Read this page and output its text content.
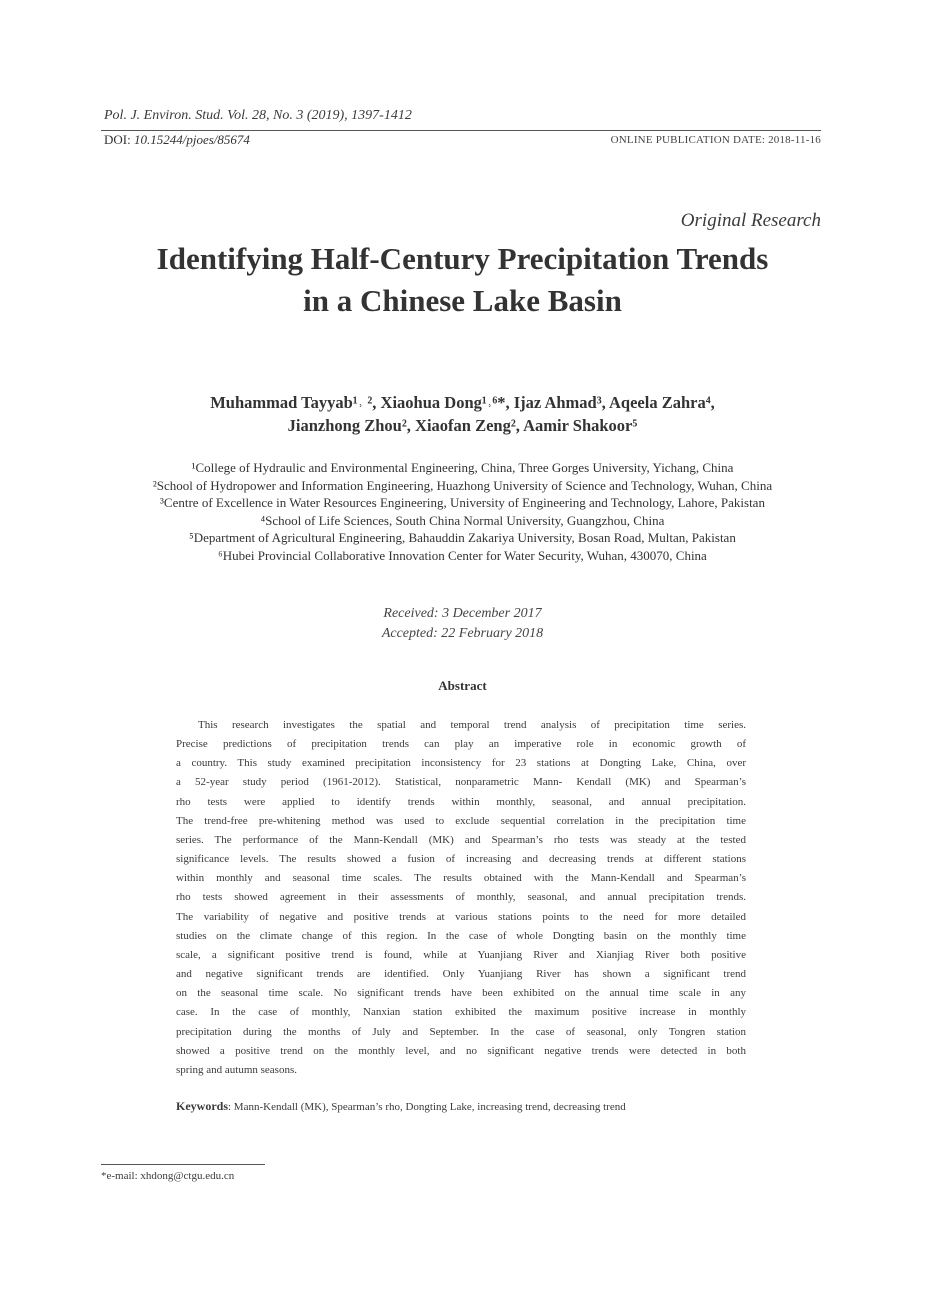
Pol. J. Environ. Stud. Vol. 28, No. 3 (2019), 1397-1412
DOI: 10.15244/pjoes/85674	ONLINE PUBLICATION DATE: 2018-11-16
Original Research
Identifying Half-Century Precipitation Trends
in a Chinese Lake Basin
Muhammad Tayyab¹˒ ², Xiaohua Dong¹˒⁶*, Ijaz Ahmad³, Aqeela Zahra⁴,
Jianzhong Zhou², Xiaofan Zeng², Aamir Shakoor⁵
¹College of Hydraulic and Environmental Engineering, China, Three Gorges University, Yichang, China
²School of Hydropower and Information Engineering, Huazhong University of Science and Technology, Wuhan, China
³Centre of Excellence in Water Resources Engineering, University of Engineering and Technology, Lahore, Pakistan
⁴School of Life Sciences, South China Normal University, Guangzhou, China
⁵Department of Agricultural Engineering, Bahauddin Zakariya University, Bosan Road, Multan, Pakistan
⁶Hubei Provincial Collaborative Innovation Center for Water Security, Wuhan, 430070, China
Received: 3 December 2017
Accepted: 22 February 2018
Abstract
This research investigates the spatial and temporal trend analysis of precipitation time series.
Precise predictions of precipitation trends can play an imperative role in economic growth of
a country. This study examined precipitation inconsistency for 23 stations at Dongting Lake, China, over
a 52-year study period (1961-2012). Statistical, nonparametric Mann- Kendall (MK) and Spearman’s
rho tests were applied to identify trends within monthly, seasonal, and annual precipitation.
The trend-free pre-whitening method was used to exclude sequential correlation in the precipitation time
series. The performance of the Mann-Kendall (MK) and Spearman’s rho tests was steady at the tested
significance levels. The results showed a fusion of increasing and decreasing trends at different stations
within monthly and seasonal time scales. The results obtained with the Mann-Kendall and Spearman’s
rho tests showed agreement in their assessments of monthly, seasonal, and annual precipitation trends.
The variability of negative and positive trends at various stations points to the need for more detailed
studies on the climate change of this region. In the case of whole Dongting basin on the monthly time
scale, a significant positive trend is found, while at Yuanjiang River and Xianjiag River both positive
and negative significant trends are identified. Only Yuanjiang River has shown a significant trend
on the seasonal time scale. No significant trends have been exhibited on the annual time scale in any
case. In the case of monthly, Nanxian station exhibited the maximum positive increase in monthly
precipitation during the months of July and September. In the case of seasonal, only Tongren station
showed a positive trend on the monthly level, and no significant negative trends were detected in both
spring and autumn seasons.
Keywords: Mann-Kendall (MK), Spearman’s rho, Dongting Lake, increasing trend, decreasing trend
*e-mail: xhdong@ctgu.edu.cn
